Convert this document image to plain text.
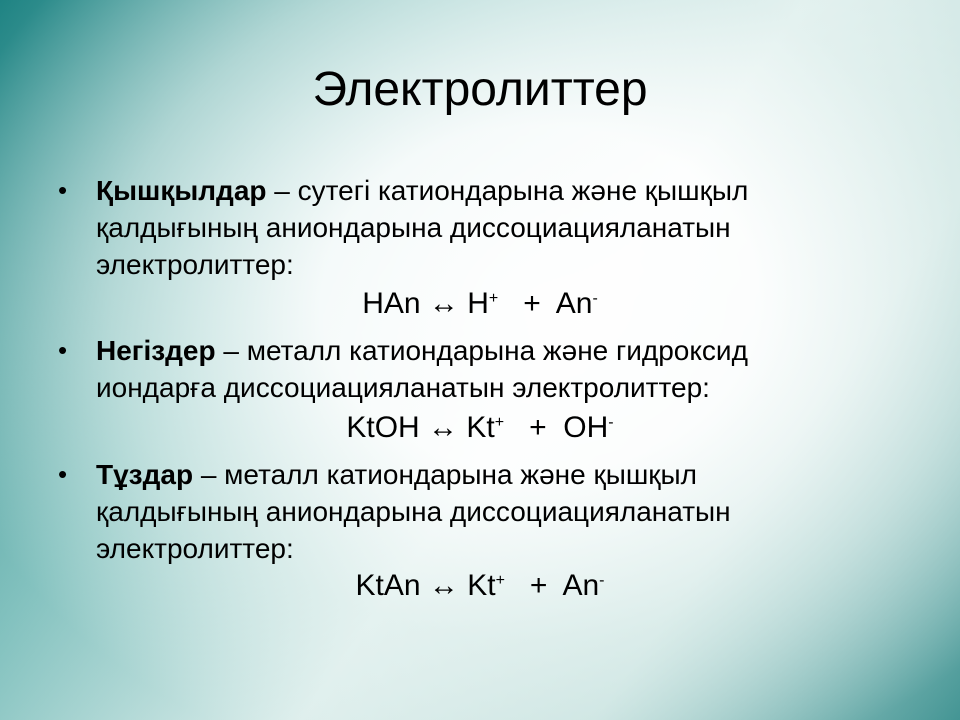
Электролиттер
• Қышқылдар – сутегі катиондарына және қышқыл қалдығының аниондарына диссоциацияланатын электролиттер:

HAn ↔ H+   +  An-
• Негіздер – металл катиондарына және гидроксид иондарға диссоциацияланатын электролиттер:

KtOH ↔ Kt+   +  OH-
• Тұздар – металл катиондарына және қышқыл қалдығының аниондарына диссоциацияланатын электролиттер:

KtAn ↔ Kt+   +  An-
